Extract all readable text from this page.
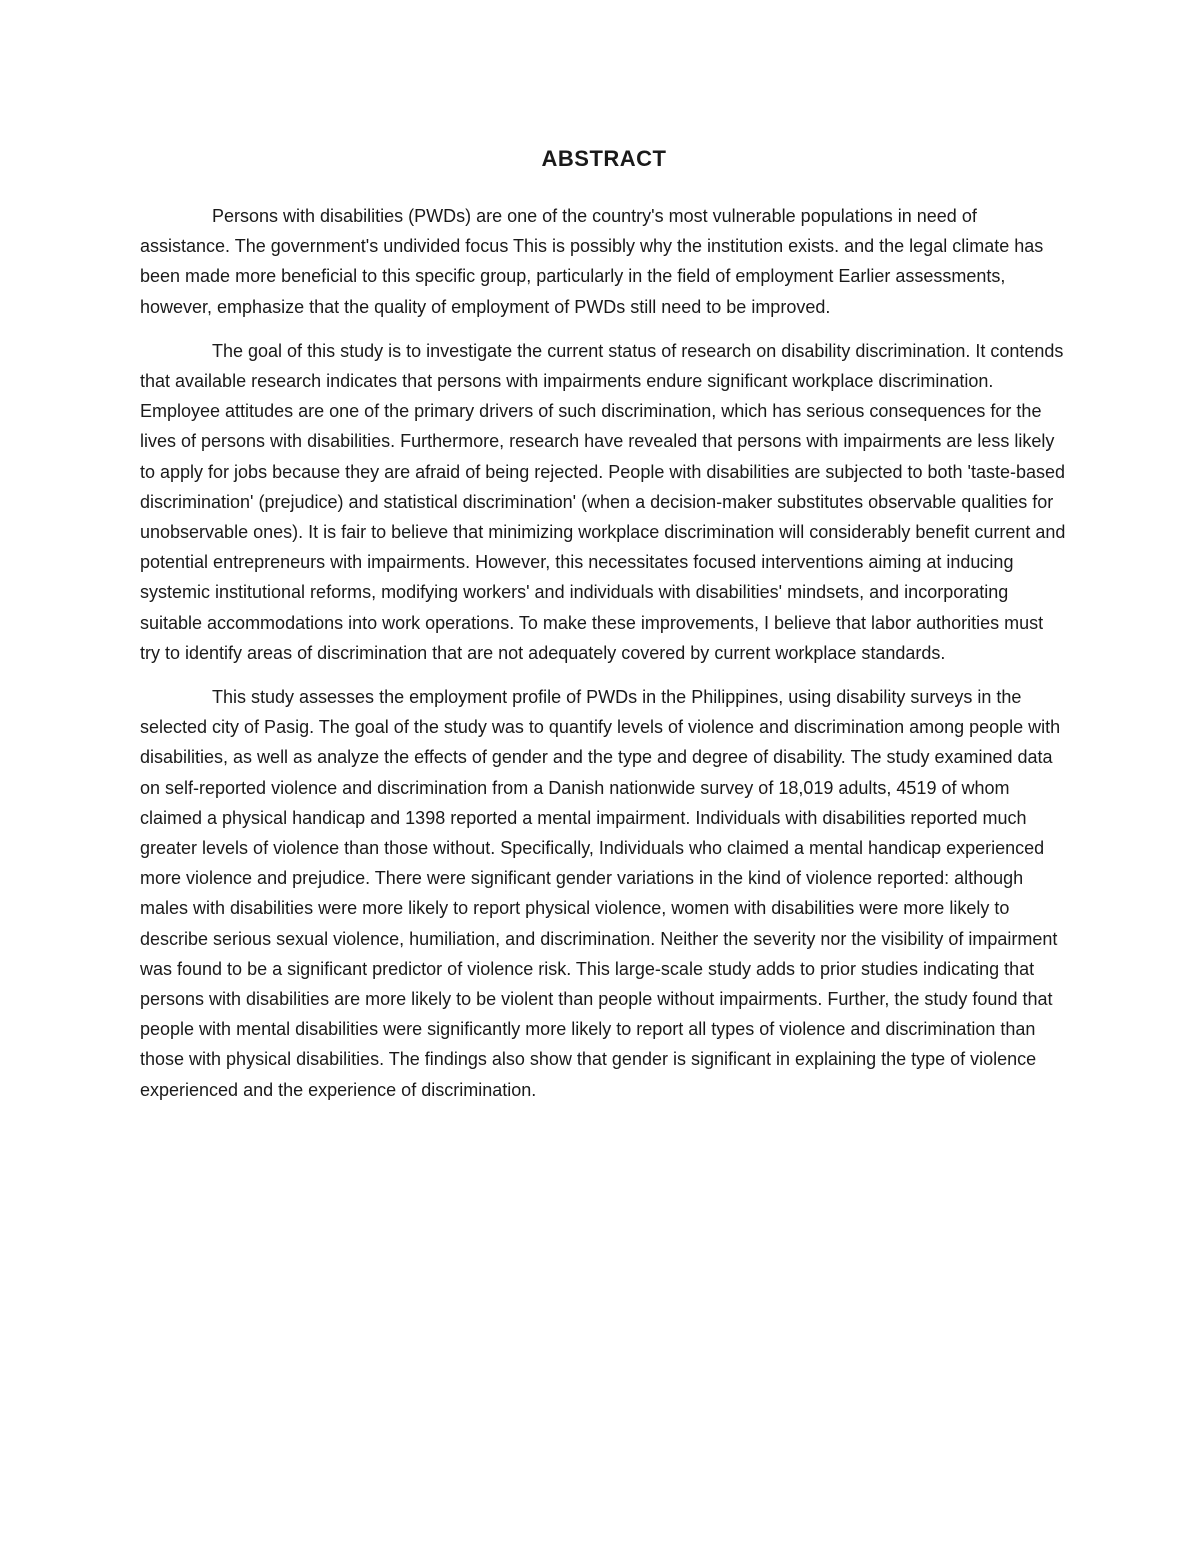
ABSTRACT

Persons with disabilities (PWDs) are one of the country's most vulnerable populations in need of assistance. The government's undivided focus This is possibly why the institution exists. and the legal climate has been made more beneficial to this specific group, particularly in the field of employment Earlier assessments, however, emphasize that the quality of employment of PWDs still need to be improved.

The goal of this study is to investigate the current status of research on disability discrimination. It contends that available research indicates that persons with impairments endure significant workplace discrimination. Employee attitudes are one of the primary drivers of such discrimination, which has serious consequences for the lives of persons with disabilities. Furthermore, research have revealed that persons with impairments are less likely to apply for jobs because they are afraid of being rejected. People with disabilities are subjected to both 'taste-based discrimination' (prejudice) and statistical discrimination' (when a decision-maker substitutes observable qualities for unobservable ones). It is fair to believe that minimizing workplace discrimination will considerably benefit current and potential entrepreneurs with impairments. However, this necessitates focused interventions aiming at inducing systemic institutional reforms, modifying workers' and individuals with disabilities' mindsets, and incorporating suitable accommodations into work operations. To make these improvements, I believe that labor authorities must try to identify areas of discrimination that are not adequately covered by current workplace standards.

This study assesses the employment profile of PWDs in the Philippines, using disability surveys in the selected city of Pasig. The goal of the study was to quantify levels of violence and discrimination among people with disabilities, as well as analyze the effects of gender and the type and degree of disability. The study examined data on self-reported violence and discrimination from a Danish nationwide survey of 18,019 adults, 4519 of whom claimed a physical handicap and 1398 reported a mental impairment. Individuals with disabilities reported much greater levels of violence than those without. Specifically, Individuals who claimed a mental handicap experienced more violence and prejudice. There were significant gender variations in the kind of violence reported: although males with disabilities were more likely to report physical violence, women with disabilities were more likely to describe serious sexual violence, humiliation, and discrimination. Neither the severity nor the visibility of impairment was found to be a significant predictor of violence risk. This large-scale study adds to prior studies indicating that persons with disabilities are more likely to be violent than people without impairments. Further, the study found that people with mental disabilities were significantly more likely to report all types of violence and discrimination than those with physical disabilities. The findings also show that gender is significant in explaining the type of violence experienced and the experience of discrimination.
